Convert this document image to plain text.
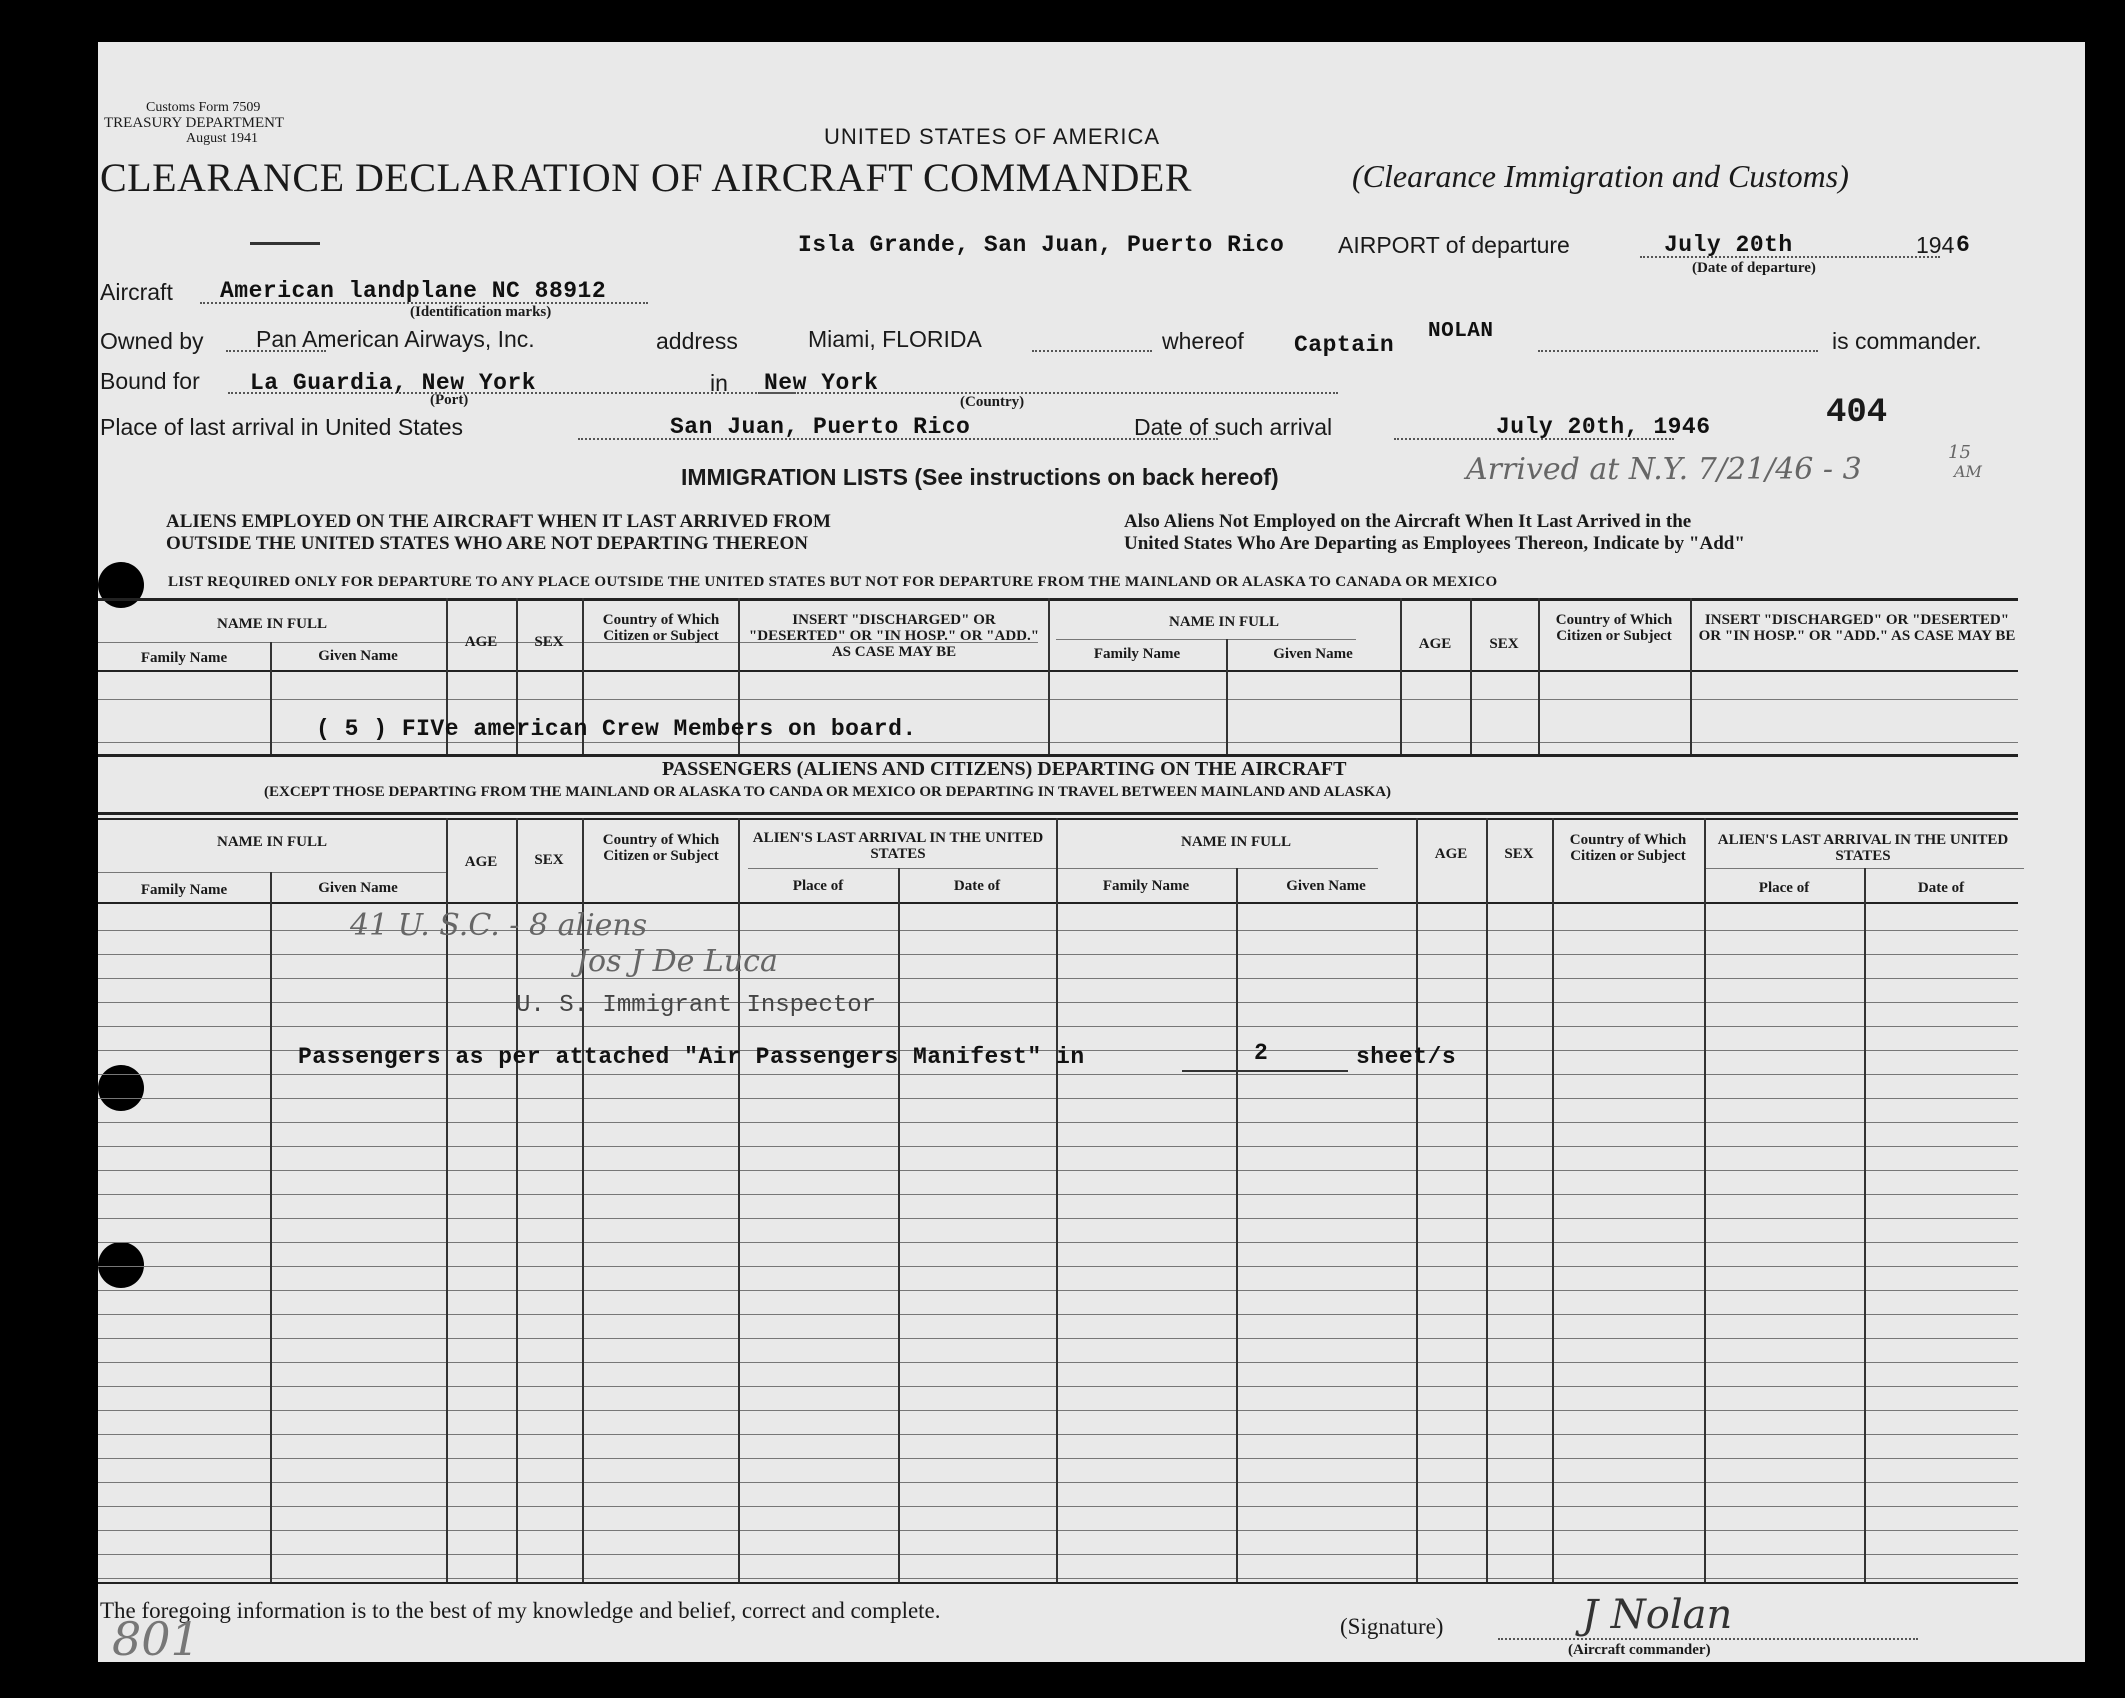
Customs Form 7509
TREASURY DEPARTMENT
August 1941	UNITED STATES OF AMERICA
CLEARANCE DECLARATION OF AIRCRAFT COMMANDER	(Clearance Immigration and Customs)
Isla Grande, San Juan, Puerto Rico AIRPORT of departure	July 20th	194 6
(Date of departure)
Aircraft American landplane NC 88912
(Identification marks)
Owned by Pan American Airways, Inc.	address	Miami, FLORIDA	whereof Captain
NOLAN	is commander.
Bound for La Guardia, New York
(Port)
in New York
(Country)
Place of last arrival in United States	San Juan, Puerto Rico	Date of such arrival	July 20th, 1946	404
IMMIGRATION LISTS (See instructions on back hereof)	Arrived at N.Y. 7/21/46 - 3	15
AM
ALIENS EMPLOYED ON THE AIRCRAFT WHEN IT LAST ARRIVED FROM
OUTSIDE THE UNITED STATES WHO ARE NOT DEPARTING THEREON
Also Aliens Not Employed on the Aircraft When It Last Arrived in the
United States Who Are Departing as Employees Thereon, Indicate by "Add"
LIST REQUIRED ONLY FOR DEPARTURE TO ANY PLACE OUTSIDE THE UNITED STATES BUT NOT FOR DEPARTURE FROM THE MAINLAND OR ALASKA TO CANADA OR MEXICO
NAME IN FULL
Family Name	Given Name
AGE	SEX
Country of Which Citizen or Subject
INSERT "DISCHARGED" OR "DESERTED" OR "IN HOSP." OR "ADD." AS CASE MAY BE
NAME IN FULL
Family Name	Given Name
AGE	SEX
Country of Which Citizen or Subject
INSERT "DISCHARGED" OR "DESERTED" OR "IN HOSP." OR "ADD." AS CASE MAY BE
( 5 ) FIVe american Crew Members on board.
PASSENGERS (ALIENS AND CITIZENS) DEPARTING ON THE AIRCRAFT
(EXCEPT THOSE DEPARTING FROM THE MAINLAND OR ALASKA TO CANDA OR MEXICO OR DEPARTING IN TRAVEL BETWEEN MAINLAND AND ALASKA)
NAME IN FULL
Family Name	Given Name
AGE	SEX
Country of Which Citizen or Subject
ALIEN'S LAST ARRIVAL IN THE UNITED STATES
Place of	Date of
NAME IN FULL
Family Name	Given Name
AGE	SEX
Country of Which Citizen or Subject
ALIEN'S LAST ARRIVAL IN THE UNITED STATES
Place of	Date of
41 U. S.C. - 8 aliens
Jos J De Luca
U. S. Immigrant Inspector
Passengers as per attached "Air Passengers Manifest" in	2	sheet/s
The foregoing information is to the best of my knowledge and belief, correct and complete.
801	(Signature)	J Nolan
(Aircraft commander)
